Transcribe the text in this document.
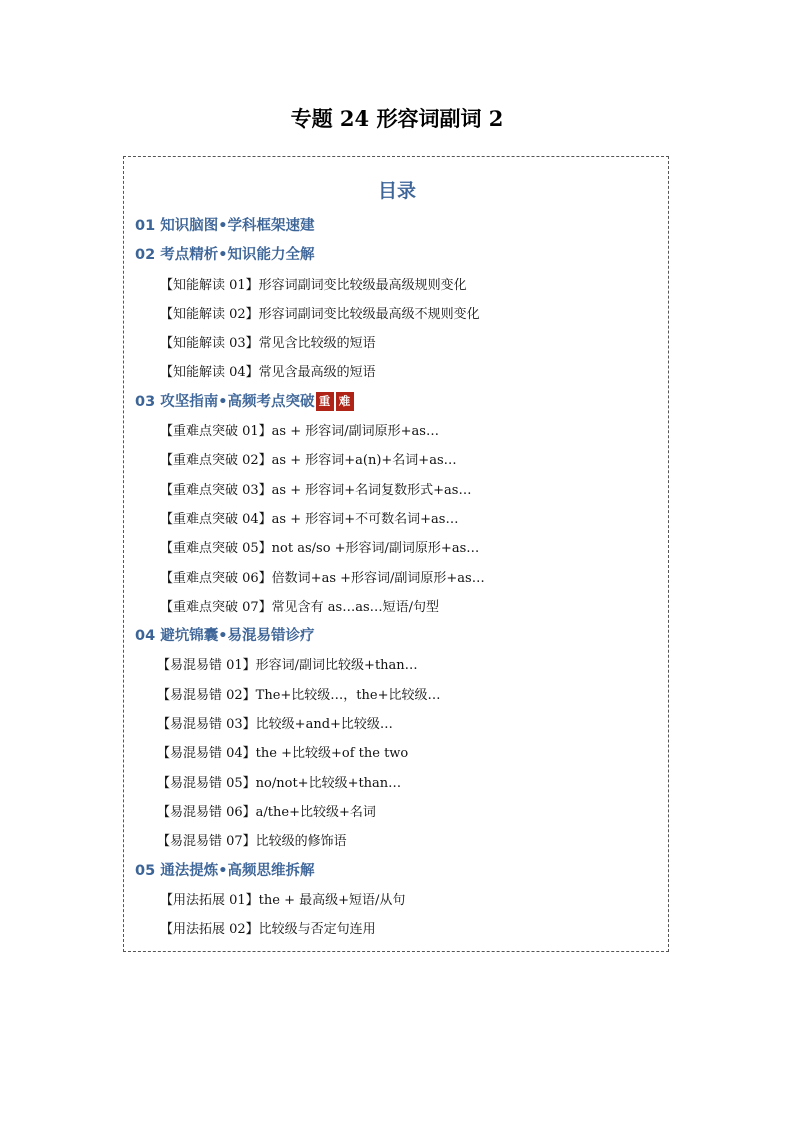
专题 24 形容词副词 2
目录
01 知识脑图•学科框架速建
02 考点精析•知识能力全解
【知能解读 01】形容词副词变比较级最高级规则变化
【知能解读 02】形容词副词变比较级最高级不规则变化
【知能解读 03】常见含比较级的短语
【知能解读 04】常见含最高级的短语
03 攻坚指南•高频考点突破 重 难
【重难点突破 01】as + 形容词/副词原形+as…
【重难点突破 02】as + 形容词+a(n)+名词+as…
【重难点突破 03】as + 形容词+名词复数形式+as…
【重难点突破 04】as + 形容词+不可数名词+as…
【重难点突破 05】not as/so +形容词/副词原形+as…
【重难点突破 06】倍数词+as +形容词/副词原形+as…
【重难点突破 07】常见含有 as…as…短语/句型
04 避坑锦囊•易混易错诊疗
【易混易错 01】形容词/副词比较级+than…
【易混易错 02】The+比较级…，the+比较级…
【易混易错 03】比较级+and+比较级…
【易混易错 04】the +比较级+of the two
【易混易错 05】no/not+比较级+than…
【易混易错 06】a/the+比较级+名词
【易混易错 07】比较级的修饰语
05 通法提炼•高频思维拆解
【用法拓展 01】the + 最高级+短语/从句
【用法拓展 02】比较级与否定句连用
